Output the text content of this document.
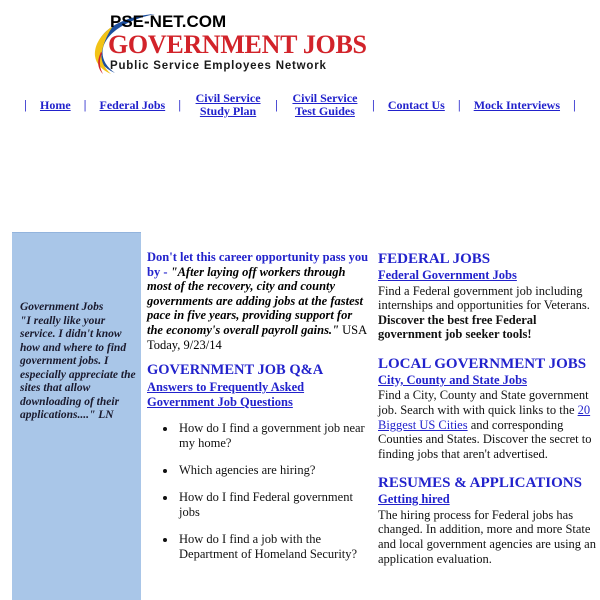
PSE-NET.COM

GOVERNMENT JOBS

Public Service Employees Network

|	Home	|	Federal Jobs	|	Civil Service Study Plan	|	Civil Service Test Guides	|	Contact Us	|	Mock Interviews	|
Government Jobs
"I really like your service. I didn't know how and where to find government jobs. I especially appreciate the sites that allow downloading of their applications...." LN

Don't let this career opportunity pass you by - "After laying off workers through most of the recovery, city and county governments are adding jobs at the fastest pace in five years, providing support for the economy's overall payroll gains." USA Today, 9/23/14

GOVERNMENT JOB Q&A
Answers to Frequently Asked Government Job Questions
• How do I find a government job near my home?
• Which agencies are hiring?
• How do I find Federal government jobs
• How do I find a job with the Department of Homeland Security?
FEDERAL JOBS
Federal Government Jobs

Find a Federal government job including internships and opportunities for Veterans. Discover the best free Federal government job seeker tools!

LOCAL GOVERNMENT JOBS
City, County and State Jobs

Find a City, County and State government job. Search with with quick links to the 20 Biggest US Cities and corresponding Counties and States. Discover the secret to finding jobs that aren't advertised.

RESUMES & APPLICATIONS
Getting hired

The hiring process for Federal jobs has changed. In addition, more and more State and local government agencies are using an application evaluation.
